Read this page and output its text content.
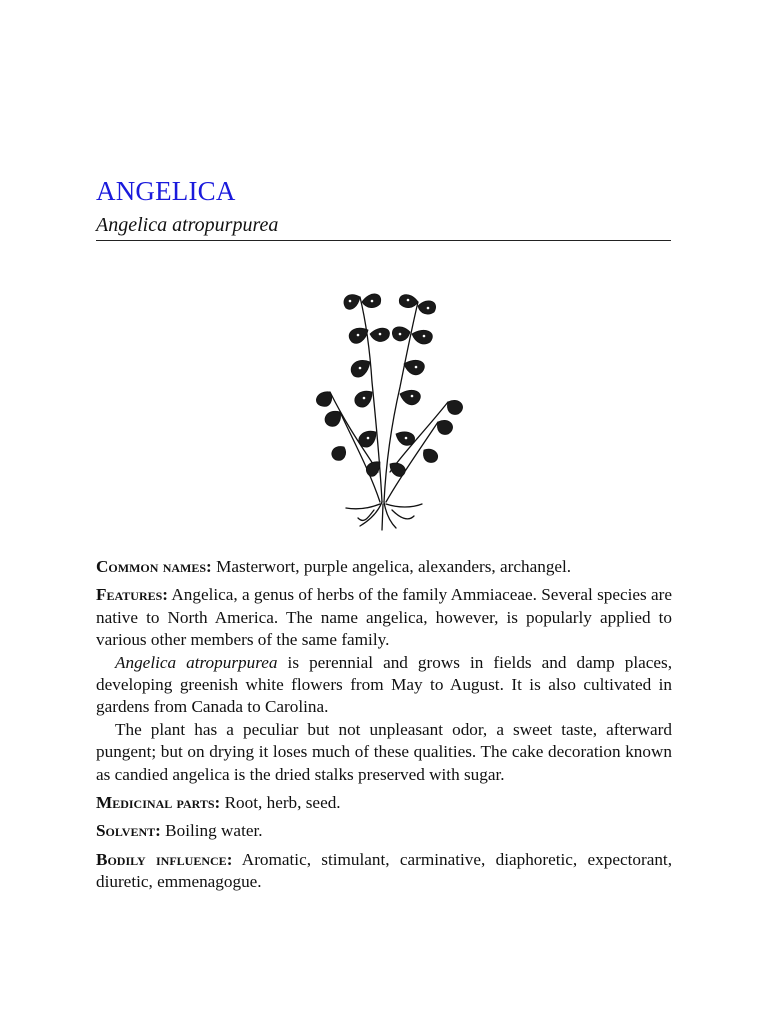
ANGELICA
Angelica atropurpurea

Common names: Masterwort, purple angelica, alexanders, archangel.

Features: Angelica, a genus of herbs of the family Ammiaceae. Several species are native to North America. The name angelica, however, is popularly applied to various other members of the same family.

Angelica atropurpurea is perennial and grows in fields and damp places, developing greenish white flowers from May to August. It is also cultivated in gardens from Canada to Carolina.

The plant has a peculiar but not unpleasant odor, a sweet taste, afterward pungent; but on drying it loses much of these qualities. The cake decoration known as candied angelica is the dried stalks preserved with sugar.

Medicinal parts: Root, herb, seed.

Solvent: Boiling water.

Bodily influence: Aromatic, stimulant, carminative, diaphoretic, expectorant, diuretic, emmenagogue.
